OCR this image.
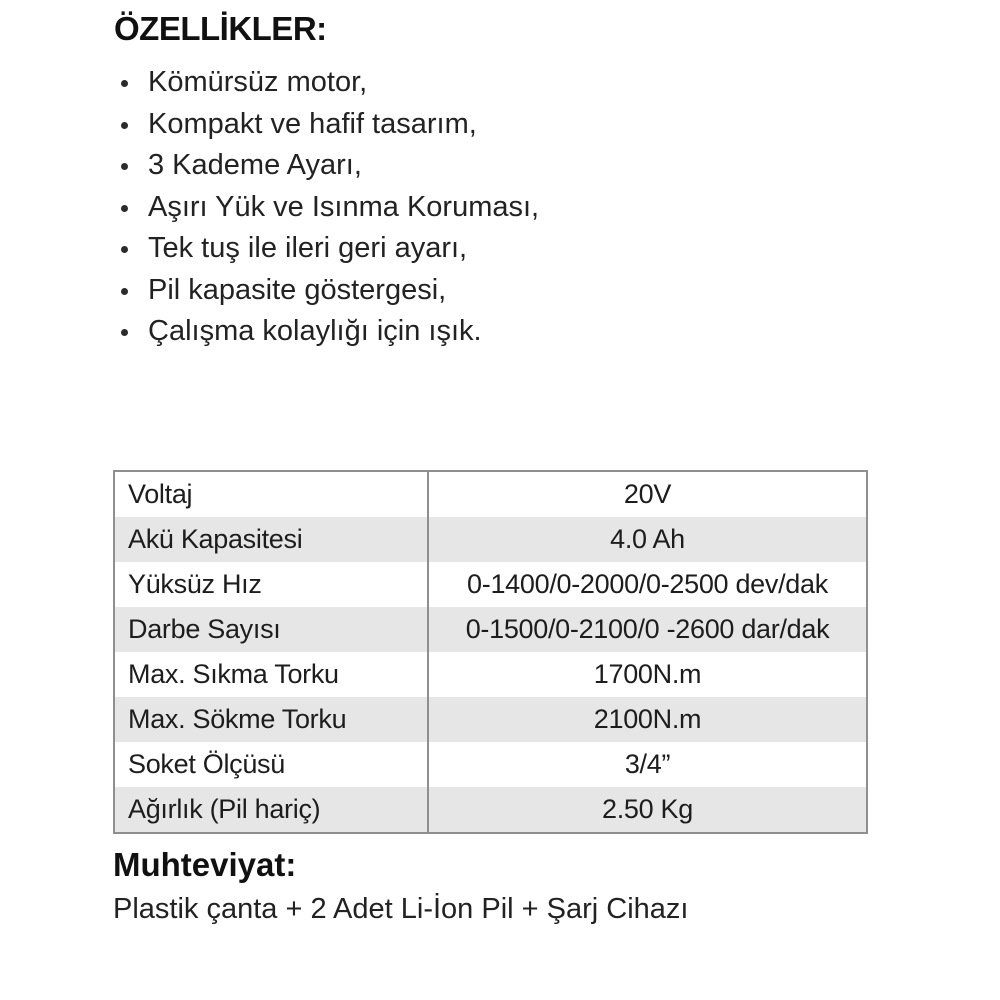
ÖZELLİKLER:
Kömürsüz motor,
Kompakt ve hafif tasarım,
3 Kademe Ayarı,
Aşırı Yük ve Isınma Koruması,
Tek tuş ile ileri geri ayarı,
Pil kapasite göstergesi,
Çalışma kolaylığı için ışık.
Voltaj	20V
Akü Kapasitesi	4.0 Ah
Yüksüz Hız	0-1400/0-2000/0-2500 dev/dak
Darbe Sayısı	0-1500/0-2100/0 -2600 dar/dak
Max. Sıkma Torku	1700N.m
Max. Sökme Torku	2100N.m
Soket Ölçüsü	3/4”
Ağırlık (Pil hariç)	2.50 Kg
Muhteviyat:

Plastik çanta + 2 Adet Li-İon Pil + Şarj Cihazı
